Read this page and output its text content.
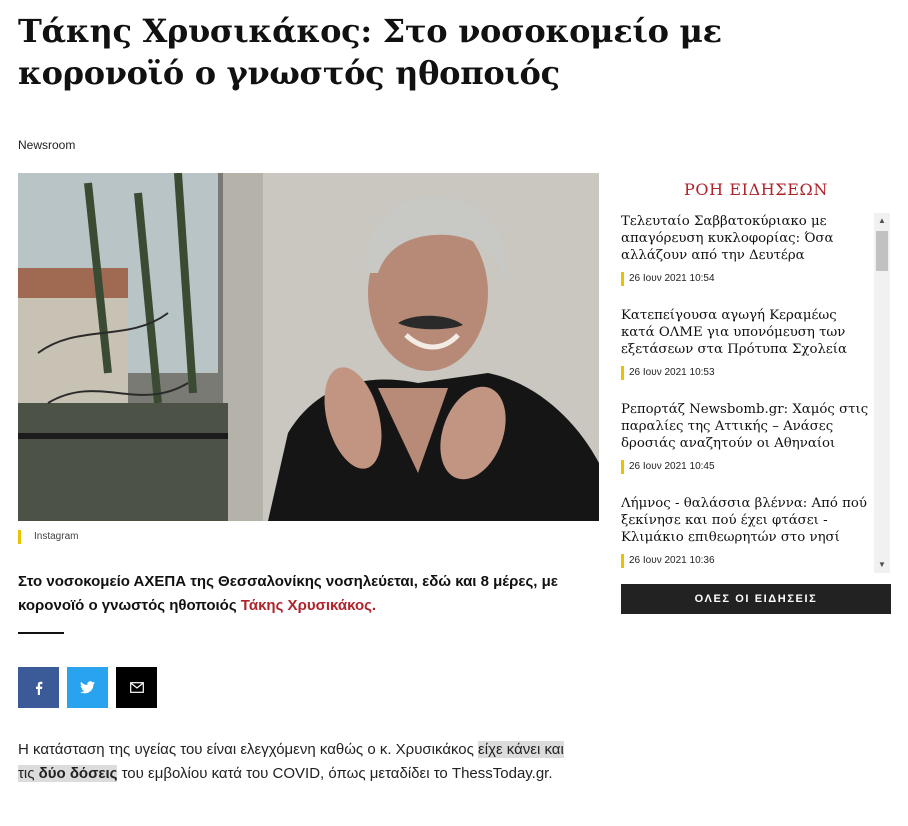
Τάκης Χρυσικάκος: Στο νοσοκομείο με κορονοϊό ο γνωστός ηθοποιός
Newsroom
Instagram

Στο νοσοκομείο ΑΧΕΠΑ της Θεσσαλονίκης νοσηλεύεται, εδώ και 8 μέρες, με κορονοϊό ο γνωστός ηθοποιός Τάκης Χρυσικάκος.

Η κατάσταση της υγείας του είναι ελεγχόμενη καθώς ο κ. Χρυσικάκος είχε κάνει και τις δύο δόσεις του εμβολίου κατά του COVID, όπως μεταδίδει το ThessToday.gr.

ΡΟΗ ΕΙΔΗΣΕΩΝ
Τελευταίο Σαββατοκύριακο με απαγόρευση κυκλοφορίας: Όσα αλλάζουν από την Δευτέρα
26 Ιουν 2021 10:54
Κατεπείγουσα αγωγή Κεραμέως κατά ΟΛΜΕ για υπονόμευση των εξετάσεων στα Πρότυπα Σχολεία
26 Ιουν 2021 10:53
Ρεπορτάζ Newsbomb.gr: Χαμός στις παραλίες της Αττικής – Ανάσες δροσιάς αναζητούν οι Αθηναίοι
26 Ιουν 2021 10:45
Λήμνος - θαλάσσια βλέννα: Από πού ξεκίνησε και πού έχει φτάσει - Κλιμάκιο επιθεωρητών στο νησί
26 Ιουν 2021 10:36
▲
▼
ΟΛΕΣ ΟΙ ΕΙΔΗΣΕΙΣ
